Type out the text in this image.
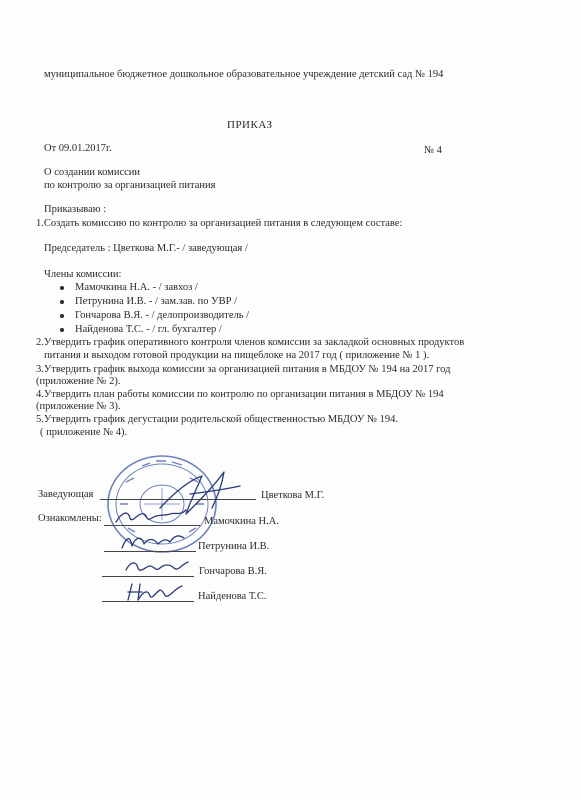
муниципальное бюджетное дошкольное образовательное учреждение детский сад № 194
ПРИКАЗ
От 09.01.2017г.	№ 4
О создании комиссии
по контролю за организацией питания
Приказываю :
1.Создать комиссию по контролю за организацией питания в следующем составе:
Председатель : Цветкова М.Г.- / заведующая /
Члены комиссии:
Мамочкина Н.А. - / завхоз /
Петрунина И.В. - / зам.зав. по УВР /
Гончарова В.Я. - / делопроизводитель /
Найденова Т.С. - / гл. бухгалтер /
2.Утвердить график оперативного контроля членов комиссии за закладкой основных продуктов
питания и выходом готовой продукции на пищеблоке на 2017 год ( приложение № 1 ).
3.Утвердить график выхода комиссии за организацией питания в МБДОУ № 194 на 2017 год
(приложение № 2).
4.Утвердить план работы комиссии по контролю по организации питания в МБДОУ № 194
(приложение № 3).
5.Утвердить график дегустации родительской общественностью МБДОУ № 194.
( приложение № 4).
Заведующая	Цветкова М.Г.
Ознакомлены:	Мамочкина Н.А.
Петрунина И.В.
Гончарова В.Я.
Найденова Т.С.
